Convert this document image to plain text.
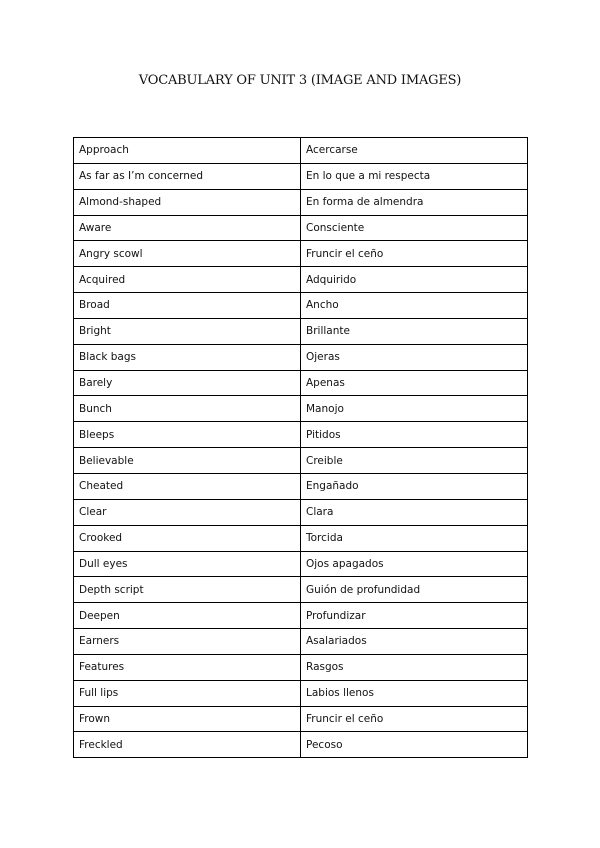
VOCABULARY OF UNIT 3 (IMAGE AND IMAGES)
Approach	Acercarse
As far as I’m concerned	En lo que a mi respecta
Almond-shaped	En forma de almendra
Aware	Consciente
Angry scowl	Fruncir el ceño
Acquired	Adquirido
Broad	Ancho
Bright	Brillante
Black bags	Ojeras
Barely	Apenas
Bunch	Manojo
Bleeps	Pitidos
Believable	Creible
Cheated	Engañado
Clear	Clara
Crooked	Torcida
Dull eyes	Ojos apagados
Depth script	Guión de profundidad
Deepen	Profundizar
Earners	Asalariados
Features	Rasgos
Full lips	Labios llenos
Frown	Fruncir el ceño
Freckled	Pecoso
